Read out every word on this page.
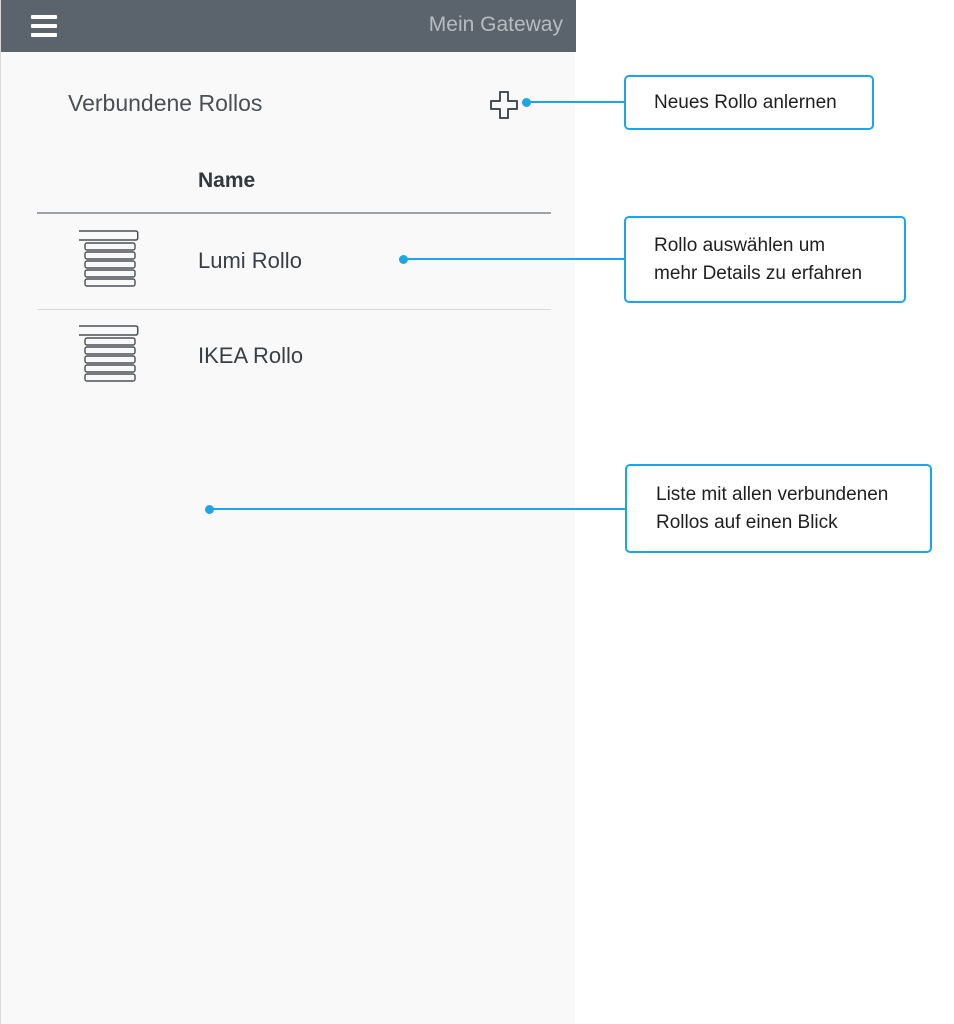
Mein Gateway
Verbundene Rollos
Name
Lumi Rollo
IKEA Rollo
Neues Rollo anlernen
Rollo auswählen um
mehr Details zu erfahren
Liste mit allen verbundenen
Rollos auf einen Blick
